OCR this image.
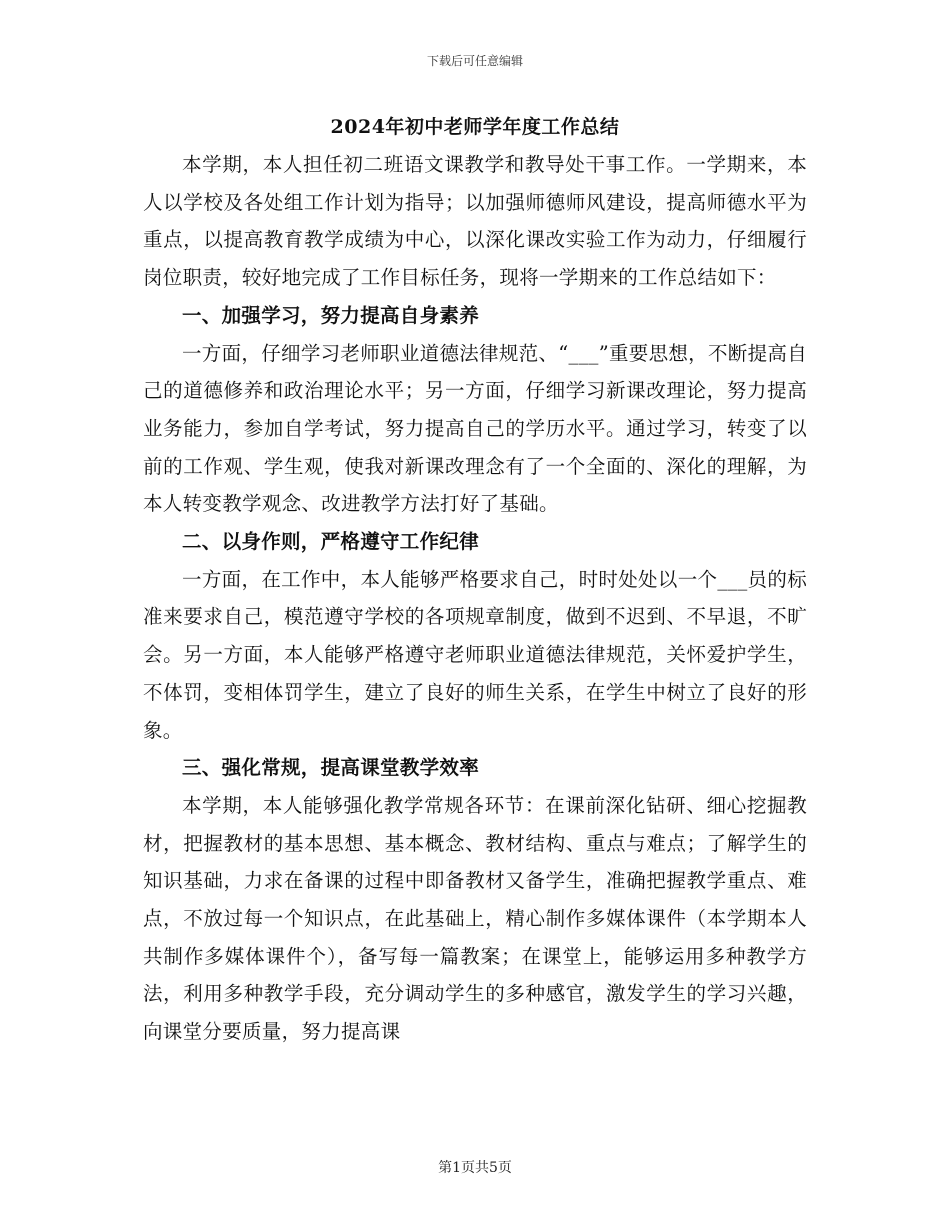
下载后可任意编辑
2024年初中老师学年度工作总结

本学期，本人担任初二班语文课教学和教导处干事工作。一学期来，本人以学校及各处组工作计划为指导；以加强师德师风建设，提高师德水平为重点，以提高教育教学成绩为中心，以深化课改实验工作为动力，仔细履行岗位职责，较好地完成了工作目标任务，现将一学期来的工作总结如下：

一、加强学习，努力提高自身素养

一方面，仔细学习老师职业道德法律规范、“___”重要思想，不断提高自己的道德修养和政治理论水平；另一方面，仔细学习新课改理论，努力提高业务能力，参加自学考试，努力提高自己的学历水平。通过学习，转变了以前的工作观、学生观，使我对新课改理念有了一个全面的、深化的理解，为本人转变教学观念、改进教学方法打好了基础。

二、以身作则，严格遵守工作纪律

一方面，在工作中，本人能够严格要求自己，时时处处以一个___员的标准来要求自己，模范遵守学校的各项规章制度，做到不迟到、不早退，不旷会。另一方面，本人能够严格遵守老师职业道德法律规范，关怀爱护学生，不体罚，变相体罚学生，建立了良好的师生关系，在学生中树立了良好的形象。

三、强化常规，提高课堂教学效率

本学期，本人能够强化教学常规各环节：在课前深化钻研、细心挖掘教材，把握教材的基本思想、基本概念、教材结构、重点与难点；了解学生的知识基础，力求在备课的过程中即备教材又备学生，准确把握教学重点、难点，不放过每一个知识点，在此基础上，精心制作多媒体课件（本学期本人共制作多媒体课件个），备写每一篇教案；在课堂上，能够运用多种教学方法，利用多种教学手段，充分调动学生的多种感官，激发学生的学习兴趣，向课堂分要质量，努力提高课

第1页共5页
